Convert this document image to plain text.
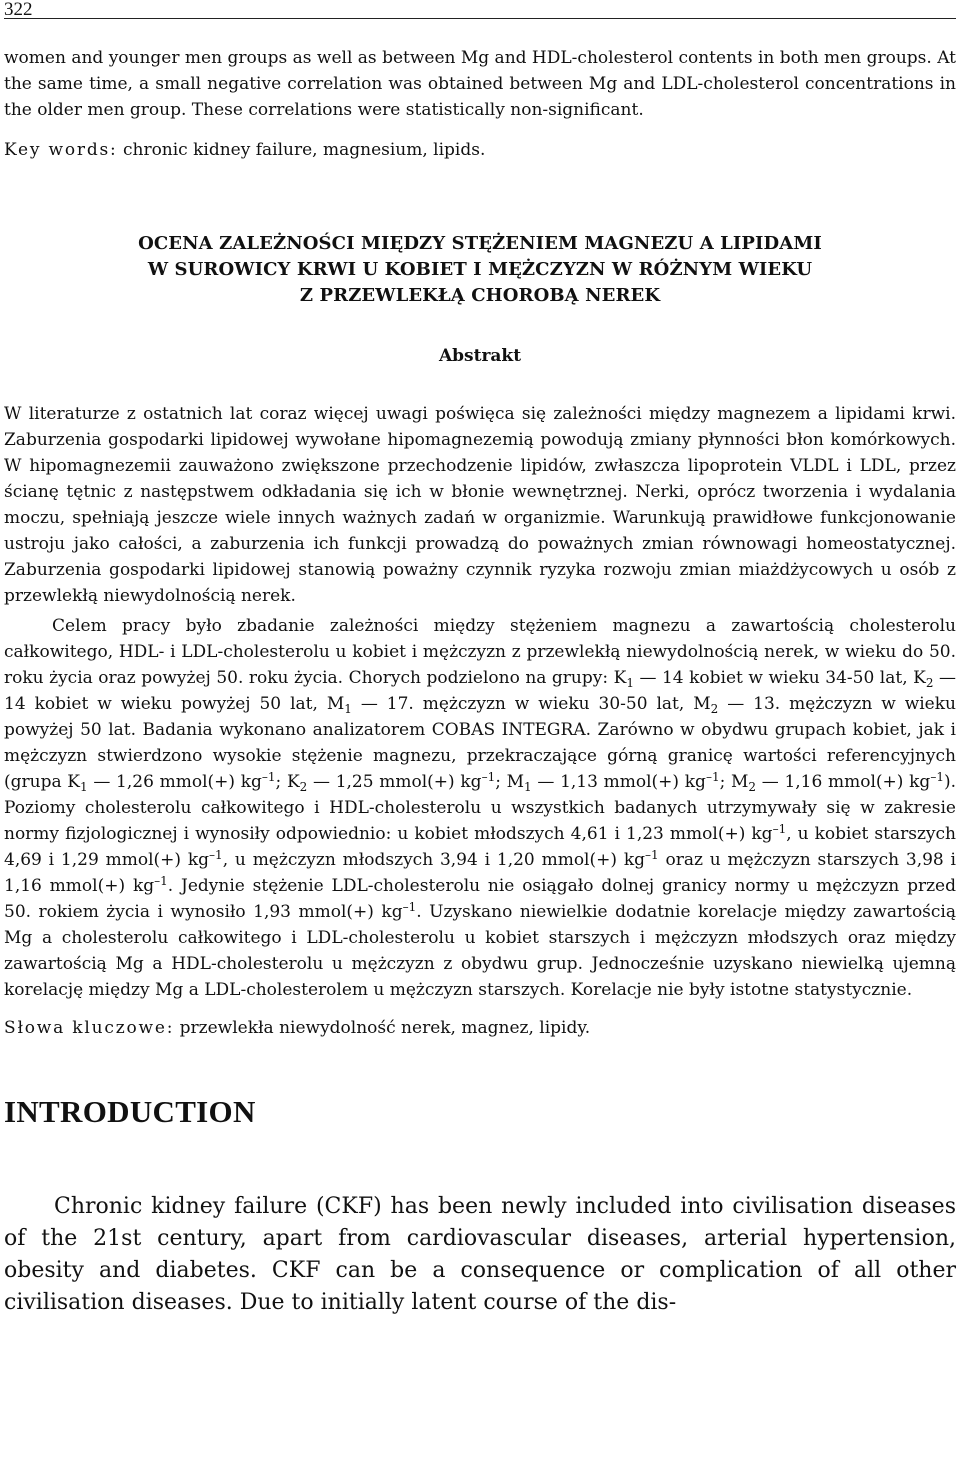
322

women and younger men groups as well as between Mg and HDL-cholesterol contents in both men groups. At the same time, a small negative correlation was obtained between Mg and LDL-cholesterol concentrations in the older men group. These correlations were statistically non-significant.

Key words: chronic kidney failure, magnesium, lipids.

OCENA ZALEŻNOŚCI MIĘDZY STĘŻENIEM MAGNEZU A LIPIDAMI
W SUROWICY KRWI U KOBIET I MĘŻCZYZN W RÓŻNYM WIEKU
Z PRZEWLEKŁĄ CHOROBĄ NEREK
Abstrakt

W literaturze z ostatnich lat coraz więcej uwagi poświęca się zależności między magnezem a lipidami krwi. Zaburzenia gospodarki lipidowej wywołane hipomagnezemią powodują zmiany płynności błon komórkowych. W hipomagnezemii zauważono zwiększone przechodzenie lipidów, zwłaszcza lipoprotein VLDL i LDL, przez ścianę tętnic z następstwem odkładania się ich w błonie wewnętrznej. Nerki, oprócz tworzenia i wydalania moczu, spełniają jeszcze wiele innych ważnych zadań w organizmie. Warunkują prawidłowe funkcjonowanie ustroju jako całości, a zaburzenia ich funkcji prowadzą do poważnych zmian równowagi homeostatycznej. Zaburzenia gospodarki lipidowej stanowią poważny czynnik ryzyka rozwoju zmian miażdżycowych u osób z przewlekłą niewydolnością nerek.

Celem pracy było zbadanie zależności między stężeniem magnezu a zawartością cholesterolu całkowitego, HDL- i LDL-cholesterolu u kobiet i mężczyzn z przewlekłą niewydolnością nerek, w wieku do 50. roku życia oraz powyżej 50. roku życia. Chorych podzielono na grupy: $K_1$ — 14 kobiet w wieku 34-50 lat, $K_2$ —14 kobiet w wieku powyżej 50 lat, $M_1$ — 17. mężczyzn w wieku 30-50 lat, $M_2$ — 13. mężczyzn w wieku powyżej 50 lat. Badania wykonano analizatorem COBAS INTEGRA. Zarówno w obydwu grupach kobiet, jak i mężczyzn stwierdzono wysokie stężenie magnezu, przekraczające górną granicę wartości referencyjnych (grupa $K_1$ — 1,26 mmol(+) $kg^{-1}$; $K_2$ — 1,25 mmol(+) $kg^{-1}$; $M_1$ — 1,13 mmol(+) $kg^{-1}$; $M_2$ — 1,16 mmol(+) $kg^{-1}$). Poziomy cholesterolu całkowitego i HDL-cholesterolu u wszystkich badanych utrzymywały się w zakresie normy fizjologicznej i wynosiły odpowiednio: u kobiet młodszych 4,61 i 1,23 mmol(+) $kg^{-1}$, u kobiet starszych 4,69 i 1,29 mmol(+) $kg^{-1}$, u mężczyzn młodszych 3,94 i 1,20 mmol(+) $kg^{-1}$ oraz u mężczyzn starszych 3,98 i 1,16 mmol(+) $kg^{-1}$. Jedynie stężenie LDL-cholesterolu nie osiągało dolnej granicy normy u mężczyzn przed 50. rokiem życia i wynosiło 1,93 mmol(+) $kg^{-1}$. Uzyskano niewielkie dodatnie korelacje między zawartością Mg a cholesterolu całkowitego i LDL-cholesterolu u kobiet starszych i mężczyzn młodszych oraz między zawartością Mg a HDL-cholesterolu u mężczyzn z obydwu grup. Jednocześnie uzyskano niewielką ujemną korelację między Mg a LDL-cholesterolem u mężczyzn starszych. Korelacje nie były istotne statystycznie.

Słowa kluczowe: przewlekła niewydolność nerek, magnez, lipidy.

INTRODUCTION

Chronic kidney failure (CKF) has been newly included into civilisation diseases of the 21st century, apart from cardiovascular diseases, arterial hypertension, obesity and diabetes. CKF can be a consequence or complication of all other civilisation diseases. Due to initially latent course of the dis-
